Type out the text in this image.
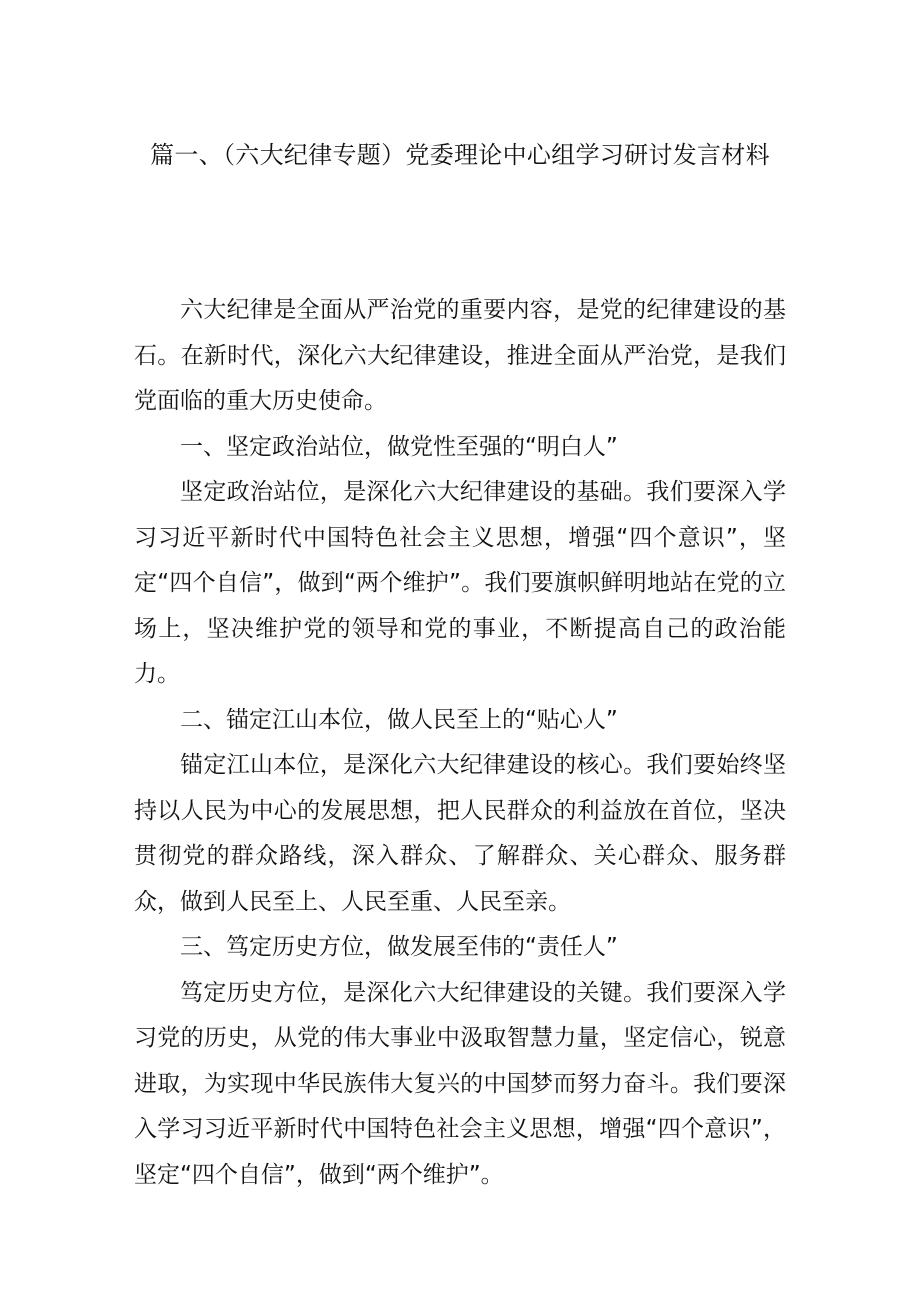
篇一、（六大纪律专题）党委理论中心组学习研讨发言材料

六大纪律是全面从严治党的重要内容，是党的纪律建设的基石。在新时代，深化六大纪律建设，推进全面从严治党，是我们党面临的重大历史使命。

一、坚定政治站位，做党性至强的“明白人”

坚定政治站位，是深化六大纪律建设的基础。我们要深入学习习近平新时代中国特色社会主义思想，增强“四个意识”，坚定“四个自信”，做到“两个维护”。我们要旗帜鲜明地站在党的立场上，坚决维护党的领导和党的事业，不断提高自己的政治能力。

二、锚定江山本位，做人民至上的“贴心人”

锚定江山本位，是深化六大纪律建设的核心。我们要始终坚持以人民为中心的发展思想，把人民群众的利益放在首位，坚决贯彻党的群众路线，深入群众、了解群众、关心群众、服务群众，做到人民至上、人民至重、人民至亲。

三、笃定历史方位，做发展至伟的“责任人”

笃定历史方位，是深化六大纪律建设的关键。我们要深入学习党的历史，从党的伟大事业中汲取智慧力量，坚定信心，锐意进取，为实现中华民族伟大复兴的中国梦而努力奋斗。我们要深入学习习近平新时代中国特色社会主义思想，增强“四个意识”，坚定“四个自信”，做到“两个维护”。
